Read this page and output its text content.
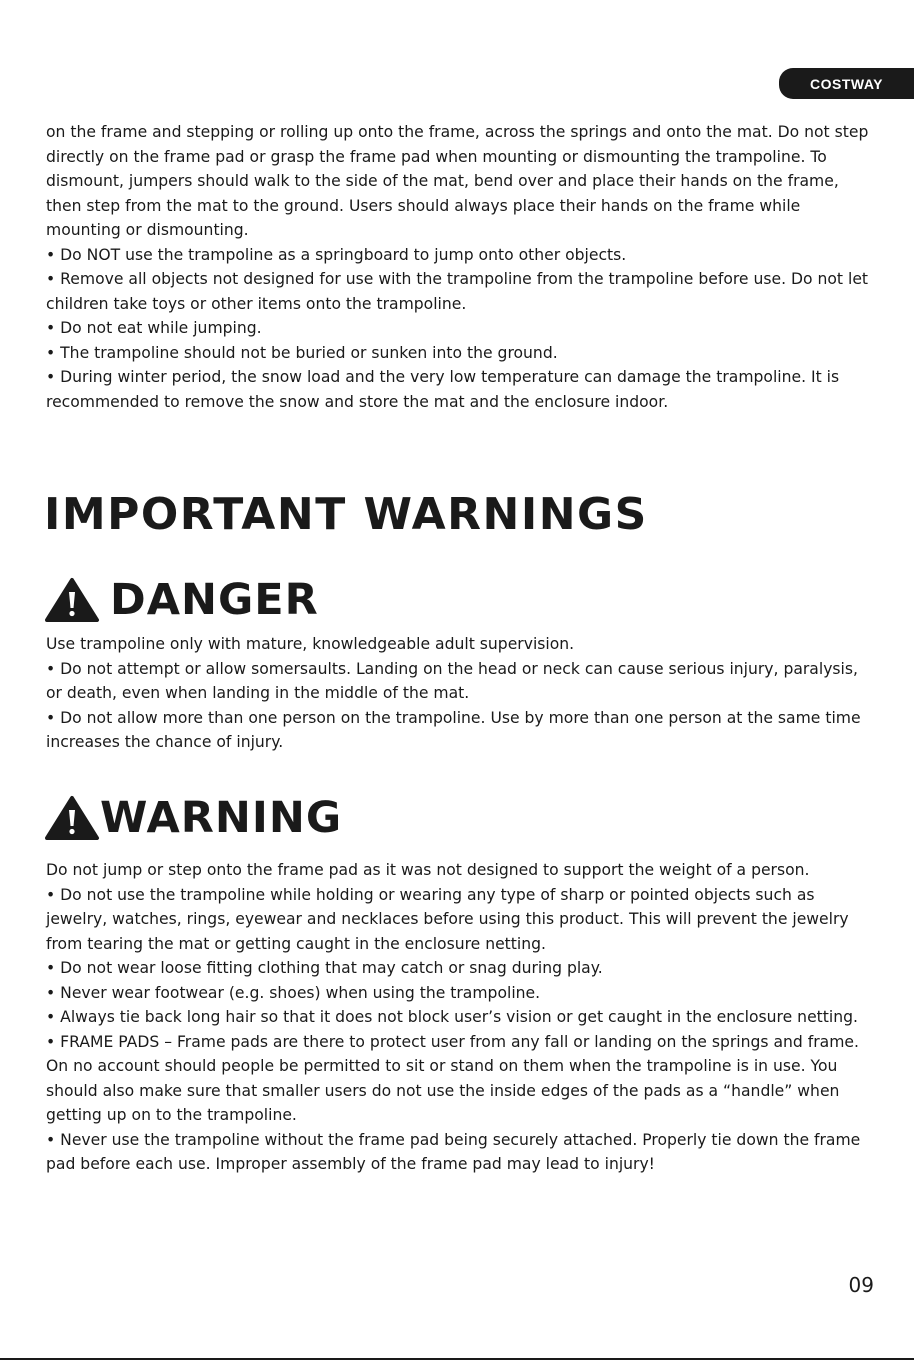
COSTWAY

on the frame and stepping or rolling up onto the frame, across the springs and onto the mat. Do not step directly on the frame pad or grasp the frame pad when mounting or dismounting the trampoline. To dismount, jumpers should walk to the side of the mat, bend over and place their hands on the frame, then step from the mat to the ground. Users should always place their hands on the frame while mounting or dismounting.

• Do NOT use the trampoline as a springboard to jump onto other objects.

• Remove all objects not designed for use with the trampoline from the trampoline before use. Do not let children take toys or other items onto the trampoline.

• Do not eat while jumping.

• The trampoline should not be buried or sunken into the ground.

• During winter period, the snow load and the very low temperature can damage the trampoline. It is recommended to remove the snow and store the mat and the enclosure indoor.

IMPORTANT WARNINGS
DANGER

Use trampoline only with mature, knowledgeable adult supervision.

• Do not attempt or allow somersaults. Landing on the head or neck can cause serious injury, paralysis, or death, even when landing in the middle of the mat.

• Do not allow more than one person on the trampoline. Use by more than one person at the same time increases the chance of injury.

WARNING

Do not jump or step onto the frame pad as it was not designed to support the weight of a person.

• Do not use the trampoline while holding or wearing any type of sharp or pointed objects such as jewelry, watches, rings, eyewear and necklaces before using this product. This will prevent the jewelry from tearing the mat or getting caught in the enclosure netting.

• Do not wear loose fitting clothing that may catch or snag during play.

• Never wear footwear (e.g. shoes) when using the trampoline.

• Always tie back long hair so that it does not block user’s vision or get caught in the enclosure netting.

• FRAME PADS – Frame pads are there to protect user from any fall or landing on the springs and frame. On no account should people be permitted to sit or stand on them when the trampoline is in use. You should also make sure that smaller users do not use the inside edges of the pads as a “handle” when getting up on to the trampoline.

• Never use the trampoline without the frame pad being securely attached. Properly tie down the frame pad before each use. Improper assembly of the frame pad may lead to injury!

09
